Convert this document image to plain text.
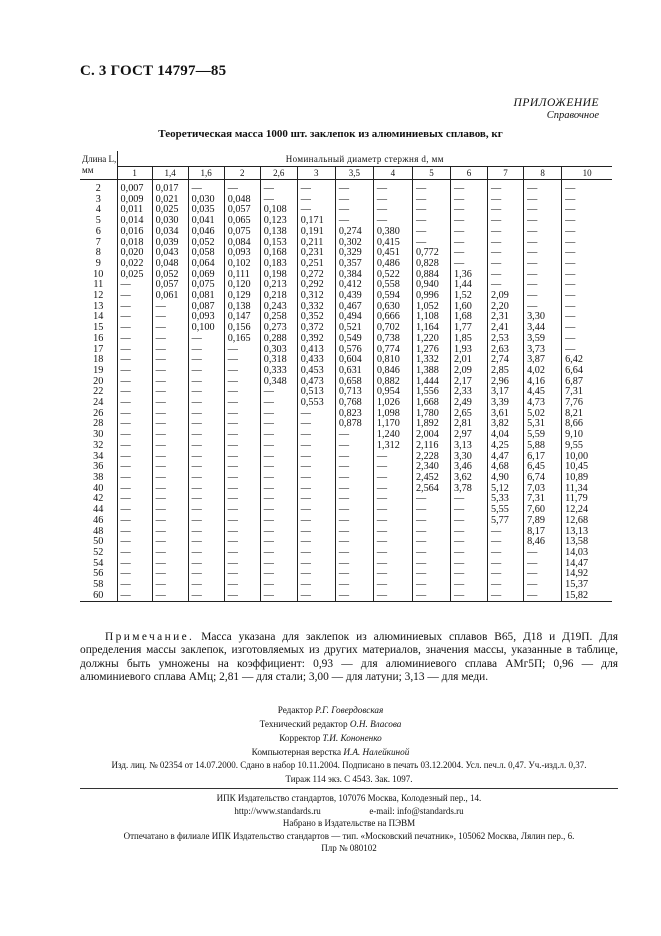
С. 3 ГОСТ 14797—85
ПРИЛОЖЕНИЕ
Справочное
Теоретическая масса 1000 шт. заклепок из алюминиевых сплавов, кг
Длина L, мм	Номинальный диаметр стержня d, мм												
	1	1,4	1,6	2	2,6	3	3,5	4	5	6	7	8	10
2	0,007	0,017	—	—	—	—	—	—	—	—	—	—	—
3	0,009	0,021	0,030	0,048	—	—	—	—	—	—	—	—	—
4	0,011	0,025	0,035	0,057	0,108	—	—	—	—	—	—	—	—
5	0,014	0,030	0,041	0,065	0,123	0,171	—	—	—	—	—	—	—
6	0,016	0,034	0,046	0,075	0,138	0,191	0,274	0,380	—	—	—	—	—
7	0,018	0,039	0,052	0,084	0,153	0,211	0,302	0,415	—	—	—	—	—
8	0,020	0,043	0,058	0,093	0,168	0,231	0,329	0,451	0,772	—	—	—	—
9	0,022	0,048	0,064	0,102	0,183	0,251	0,357	0,486	0,828	—	—	—	—
10	0,025	0,052	0,069	0,111	0,198	0,272	0,384	0,522	0,884	1,36	—	—	—
11	—	0,057	0,075	0,120	0,213	0,292	0,412	0,558	0,940	1,44	—	—	—
12	—	0,061	0,081	0,129	0,218	0,312	0,439	0,594	0,996	1,52	2,09	—	—
13	—	—	0,087	0,138	0,243	0,332	0,467	0,630	1,052	1,60	2,20	—	—
14	—	—	0,093	0,147	0,258	0,352	0,494	0,666	1,108	1,68	2,31	3,30	—
15	—	—	0,100	0,156	0,273	0,372	0,521	0,702	1,164	1,77	2,41	3,44	—
16	—	—	—	0,165	0,288	0,392	0,549	0,738	1,220	1,85	2,53	3,59	—
17	—	—	—	—	0,303	0,413	0,576	0,774	1,276	1,93	2,63	3,73	—
18	—	—	—	—	0,318	0,433	0,604	0,810	1,332	2,01	2,74	3,87	6,42
19	—	—	—	—	0,333	0,453	0,631	0,846	1,388	2,09	2,85	4,02	6,64
20	—	—	—	—	0,348	0,473	0,658	0,882	1,444	2,17	2,96	4,16	6,87
22	—	—	—	—	—	0,513	0,713	0,954	1,556	2,33	3,17	4,45	7,31
24	—	—	—	—	—	0,553	0,768	1,026	1,668	2,49	3,39	4,73	7,76
26	—	—	—	—	—	—	0,823	1,098	1,780	2,65	3,61	5,02	8,21
28	—	—	—	—	—	—	0,878	1,170	1,892	2,81	3,82	5,31	8,66
30	—	—	—	—	—	—	—	1,240	2,004	2,97	4,04	5,59	9,10
32	—	—	—	—	—	—	—	1,312	2,116	3,13	4,25	5,88	9,55
34	—	—	—	—	—	—	—	—	2,228	3,30	4,47	6,17	10,00
36	—	—	—	—	—	—	—	—	2,340	3,46	4,68	6,45	10,45
38	—	—	—	—	—	—	—	—	2,452	3,62	4,90	6,74	10,89
40	—	—	—	—	—	—	—	—	2,564	3,78	5,12	7,03	11,34
42	—	—	—	—	—	—	—	—	—	—	5,33	7,31	11,79
44	—	—	—	—	—	—	—	—	—	—	5,55	7,60	12,24
46	—	—	—	—	—	—	—	—	—	—	5,77	7,89	12,68
48	—	—	—	—	—	—	—	—	—	—	—	8,17	13,13
50	—	—	—	—	—	—	—	—	—	—	—	8,46	13,58
52	—	—	—	—	—	—	—	—	—	—	—	—	14,03
54	—	—	—	—	—	—	—	—	—	—	—	—	14,47
56	—	—	—	—	—	—	—	—	—	—	—	—	14,92
58	—	—	—	—	—	—	—	—	—	—	—	—	15,37
60	—	—	—	—	—	—	—	—	—	—	—	—	15,82
Примечание. Масса указана для заклепок из алюминиевых сплавов В65, Д18 и Д19П. Для определения массы заклепок, изготовляемых из других материалов, значения массы, указанные в таблице, должны быть умножены на коэффициент: 0,93 — для алюминиевого сплава АМг5П; 0,96 — для алюминиевого сплава АМц; 2,81 — для стали; 3,00 — для латуни; 3,13 — для меди.
Редактор Р.Г. Говердовская
Технический редактор О.Н. Власова
Корректор Т.И. Кононенко
Компьютерная верстка И.А. Налейкиной
Изд. лиц. № 02354 от 14.07.2000. Сдано в набор 10.11.2004. Подписано в печать 03.12.2004. Усл. печ.л. 0,47. Уч.-изд.л. 0,37.
Тираж 114 экз. С 4543. Зак. 1097.
ИПК Издательство стандартов, 107076 Москва, Колодезный пер., 14.
http://www.standards.ru	e-mail: info@standards.ru
Набрано в Издательстве на ПЭВМ
Отпечатано в филиале ИПК Издательство стандартов — тип. «Московский печатник», 105062 Москва, Лялин пер., 6.
Плр № 080102
